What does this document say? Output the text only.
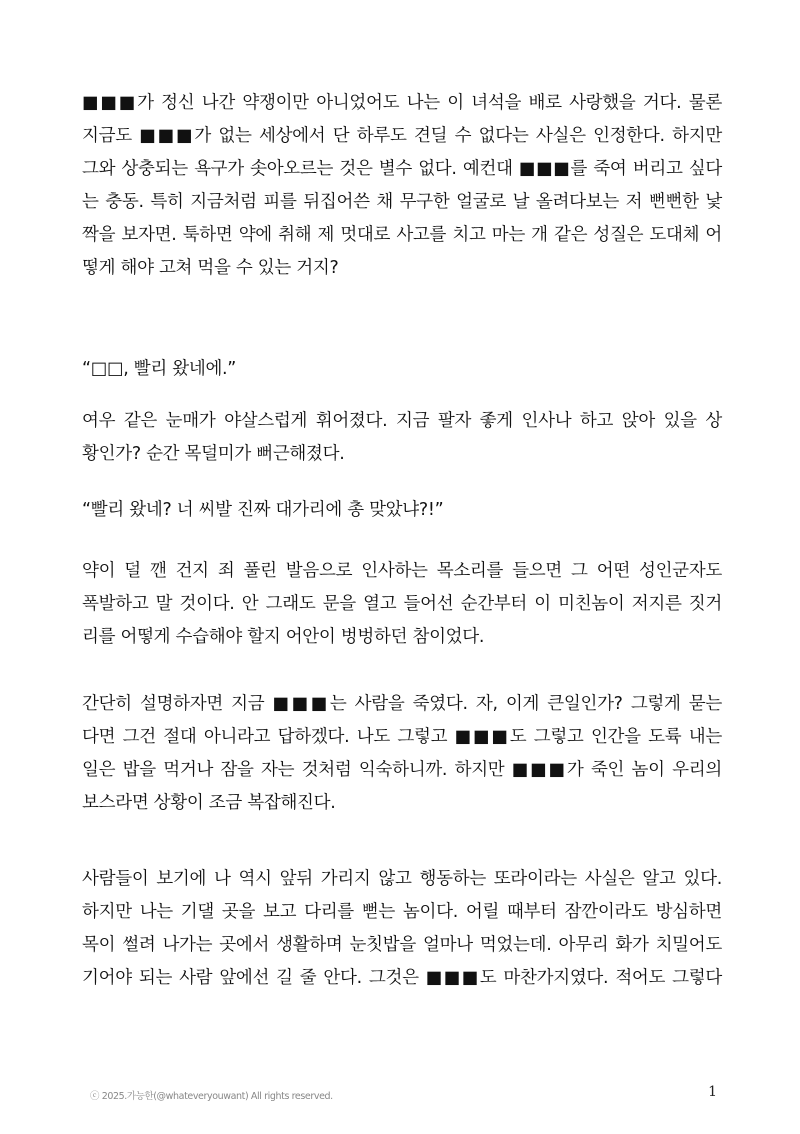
■■■가 정신 나간 약쟁이만 아니었어도 나는 이 녀석을 배로 사랑했을 거다. 물론
지금도 ■■■가 없는 세상에서 단 하루도 견딜 수 없다는 사실은 인정한다. 하지만
그와 상충되는 욕구가 솟아오르는 것은 별수 없다. 예컨대 ■■■를 죽여 버리고 싶다
는 충동. 특히 지금처럼 피를 뒤집어쓴 채 무구한 얼굴로 날 올려다보는 저 뻔뻔한 낯
짝을 보자면. 툭하면 약에 취해 제 멋대로 사고를 치고 마는 개 같은 성질은 도대체 어
떻게 해야 고쳐 먹을 수 있는 거지?
“□□, 빨리 왔네에.”
여우 같은 눈매가 야살스럽게 휘어졌다. 지금 팔자 좋게 인사나 하고 앉아 있을 상
황인가? 순간 목덜미가 뻐근해졌다.
“빨리 왔네? 너 씨발 진짜 대가리에 총 맞았냐?!”
약이 덜 깬 건지 죄 풀린 발음으로 인사하는 목소리를 들으면 그 어떤 성인군자도
폭발하고 말 것이다. 안 그래도 문을 열고 들어선 순간부터 이 미친놈이 저지른 짓거
리를 어떻게 수습해야 할지 어안이 벙벙하던 참이었다.
간단히 설명하자면 지금 ■■■는 사람을 죽였다. 자, 이게 큰일인가? 그렇게 묻는
다면 그건 절대 아니라고 답하겠다. 나도 그렇고 ■■■도 그렇고 인간을 도륙 내는
일은 밥을 먹거나 잠을 자는 것처럼 익숙하니까. 하지만 ■■■가 죽인 놈이 우리의
보스라면 상황이 조금 복잡해진다.
사람들이 보기에 나 역시 앞뒤 가리지 않고 행동하는 또라이라는 사실은 알고 있다.
하지만 나는 기댈 곳을 보고 다리를 뻗는 놈이다. 어릴 때부터 잠깐이라도 방심하면
목이 썰려 나가는 곳에서 생활하며 눈칫밥을 얼마나 먹었는데. 아무리 화가 치밀어도
기어야 되는 사람 앞에선 길 줄 안다. 그것은 ■■■도 마찬가지였다. 적어도 그렇다
ⓒ 2025.가능한(@whateveryouwant) All rights reserved.	1
